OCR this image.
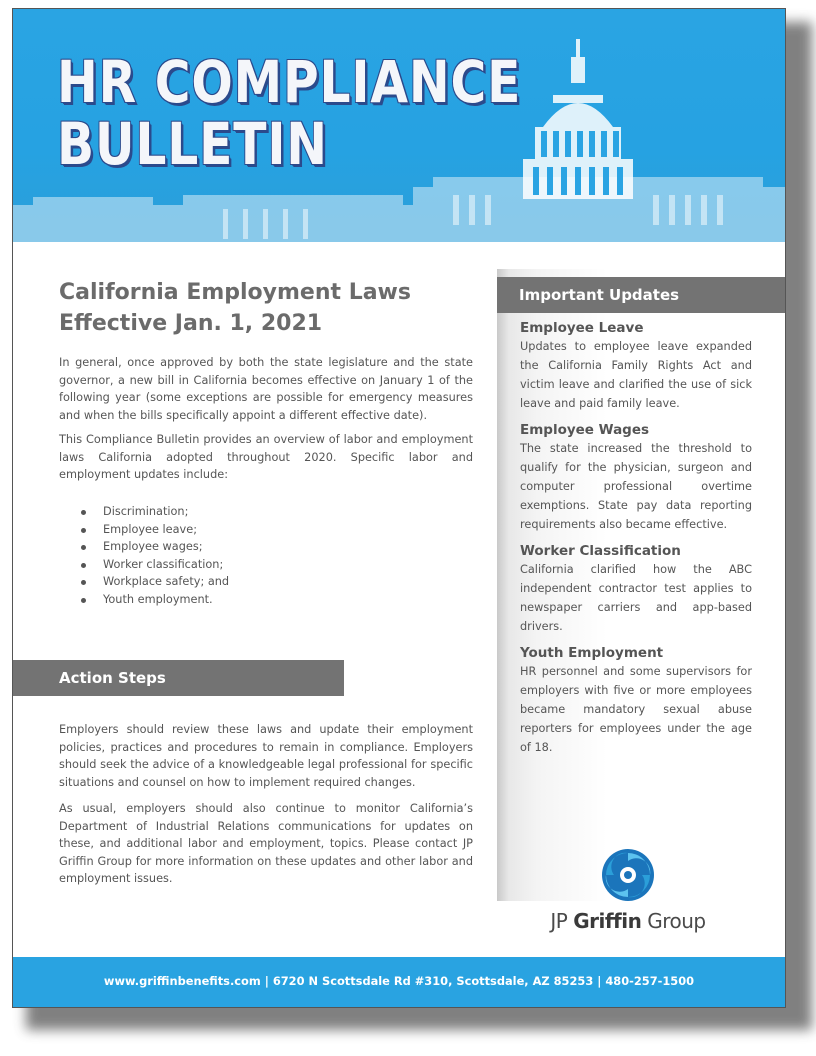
HR COMPLIANCE
BULLETIN
California Employment Laws
Effective Jan. 1, 2021

In general, once approved by both the state legislature and the state governor, a new bill in California becomes effective on January 1 of the following year (some exceptions are possible for emergency measures and when the bills specifically appoint a different effective date).

This Compliance Bulletin provides an overview of labor and employment laws California adopted throughout 2020. Specific labor and employment updates include:

Discrimination;
Employee leave;
Employee wages;
Worker classification;
Workplace safety; and
Youth employment.
Action Steps

Employers should review these laws and update their employment policies, practices and procedures to remain in compliance. Employers should seek the advice of a knowledgeable legal professional for specific situations and counsel on how to implement required changes.

As usual, employers should also continue to monitor California’s Department of Industrial Relations communications for updates on these, and additional labor and employment, topics. Please contact JP Griffin Group for more information on these updates and other labor and employment issues.

Important Updates
Employee Leave

Updates to employee leave expanded the California Family Rights Act and victim leave and clarified the use of sick leave and paid family leave.

Employee Wages

The state increased the threshold to qualify for the physician, surgeon and computer professional overtime exemptions. State pay data reporting requirements also became effective.

Worker Classification

California clarified how the ABC independent contractor test applies to newspaper carriers and app-based drivers.

Youth Employment

HR personnel and some supervisors for employers with five or more employees became mandatory sexual abuse reporters for employees under the age of 18.

JP Griffin Group

www.griffinbenefits.com | 6720 N Scottsdale Rd #310, Scottsdale, AZ 85253 | 480-257-1500
